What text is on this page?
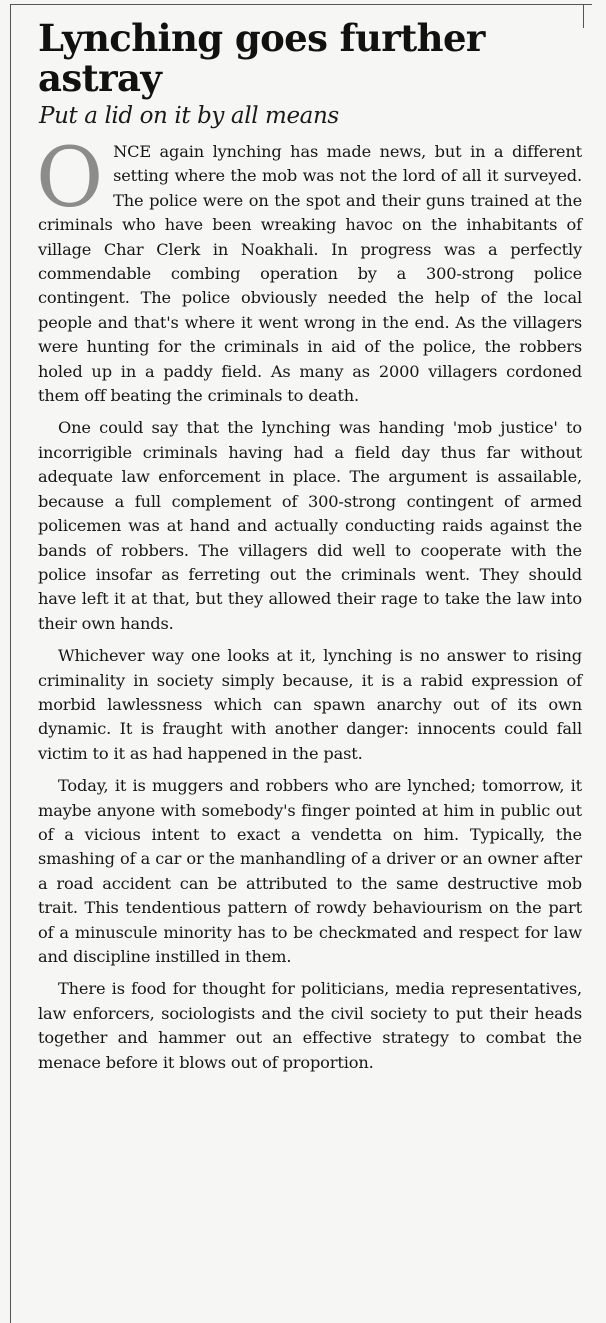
Lynching goes further astray
Put a lid on it by all means

ONCE again lynching has made news, but in a different setting where the mob was not the lord of all it surveyed. The police were on the spot and their guns trained at the criminals who have been wreaking havoc on the inhabitants of village Char Clerk in Noakhali. In progress was a perfectly commendable combing operation by a 300-strong police contingent. The police obviously needed the help of the local people and that's where it went wrong in the end. As the villagers were hunting for the criminals in aid of the police, the robbers holed up in a paddy field. As many as 2000 villagers cordoned them off beating the criminals to death.

One could say that the lynching was handing 'mob justice' to incorrigible criminals having had a field day thus far without adequate law enforcement in place. The argument is assailable, because a full complement of 300-strong contingent of armed policemen was at hand and actually conducting raids against the bands of robbers. The villagers did well to cooperate with the police insofar as ferreting out the criminals went. They should have left it at that, but they allowed their rage to take the law into their own hands.

Whichever way one looks at it, lynching is no answer to rising criminality in society simply because, it is a rabid expression of morbid lawlessness which can spawn anarchy out of its own dynamic. It is fraught with another danger: innocents could fall victim to it as had happened in the past.

Today, it is muggers and robbers who are lynched; tomorrow, it maybe anyone with somebody's finger pointed at him in public out of a vicious intent to exact a vendetta on him. Typically, the smashing of a car or the manhandling of a driver or an owner after a road accident can be attributed to the same destructive mob trait. This tendentious pattern of rowdy behaviourism on the part of a minuscule minority has to be checkmated and respect for law and discipline instilled in them.

There is food for thought for politicians, media representatives, law enforcers, sociologists and the civil society to put their heads together and hammer out an effective strategy to combat the menace before it blows out of proportion.
